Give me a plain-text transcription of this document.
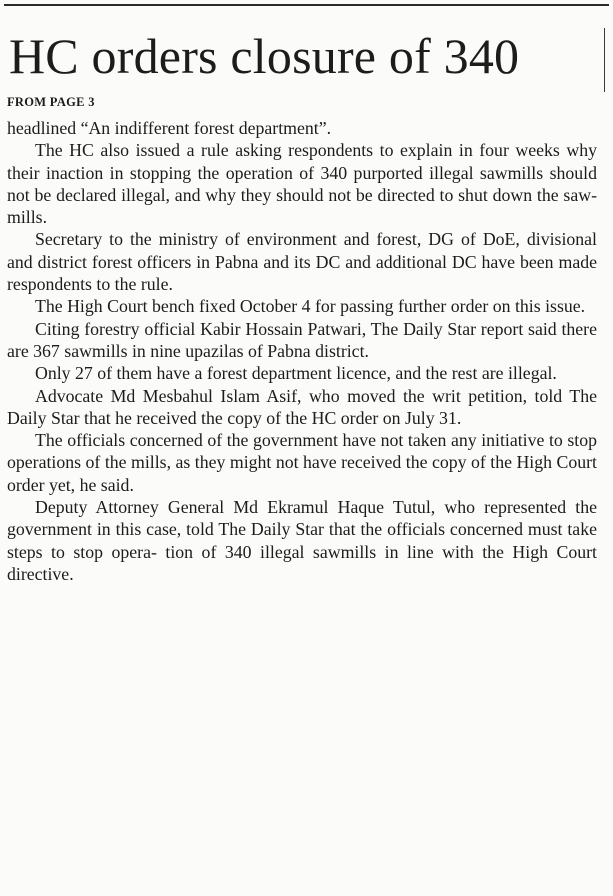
HC orders closure of 340
FROM PAGE 3

headlined “An indifferent forest department”.

The HC also issued a rule asking respondents to explain in four weeks why their inaction in stopping the operation of 340 purported illegal sawmills should not be declared illegal, and why they should not be directed to shut down the saw- mills.

Secretary to the ministry of environment and forest, DG of DoE, divisional and district forest officers in Pabna and its DC and additional DC have been made respondents to the rule.

The High Court bench fixed October 4 for passing further order on this issue.

Citing forestry official Kabir Hossain Patwari, The Daily Star report said there are 367 sawmills in nine upazilas of Pabna district.

Only 27 of them have a forest department licence, and the rest are illegal.

Advocate Md Mesbahul Islam Asif, who moved the writ petition, told The Daily Star that he received the copy of the HC order on July 31.

The officials concerned of the government have not taken any initiative to stop operations of the mills, as they might not have received the copy of the High Court order yet, he said.

Deputy Attorney General Md Ekramul Haque Tutul, who represented the government in this case, told The Daily Star that the officials concerned must take steps to stop opera- tion of 340 illegal sawmills in line with the High Court directive.
